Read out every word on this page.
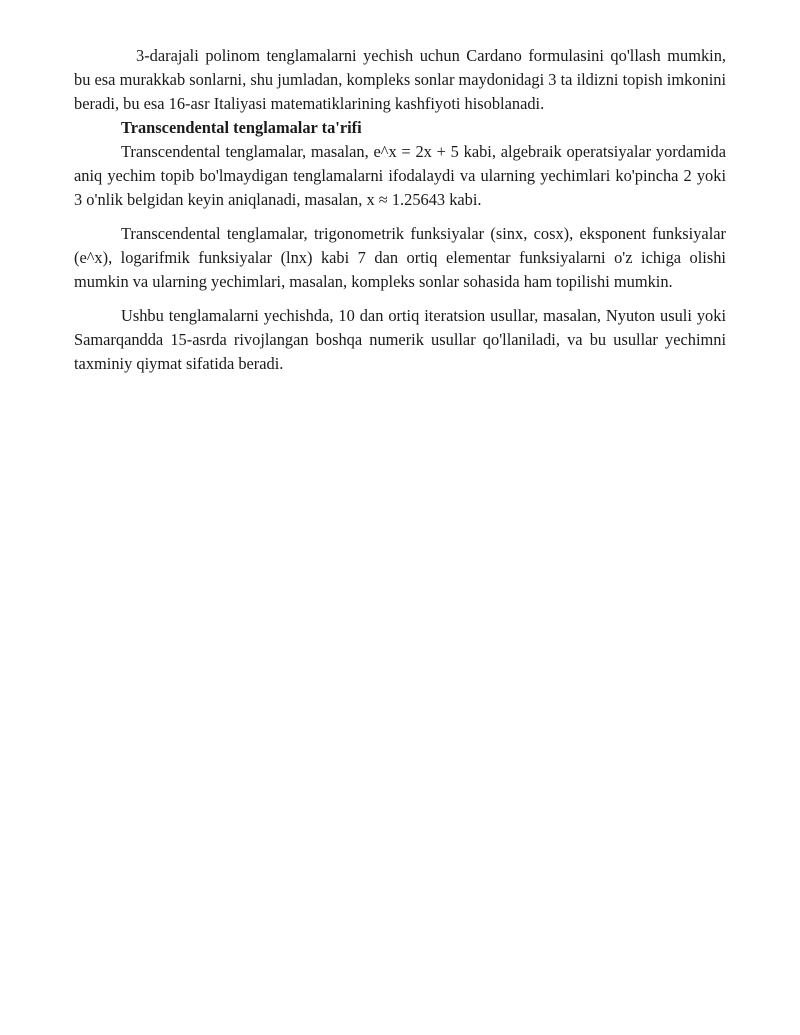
3-darajali polinom tenglamalarni yechish uchun Cardano formulasini qo'llash mumkin, bu esa murakkab sonlarni, shu jumladan, kompleks sonlar maydonidagi 3 ta ildizni topish imkonini beradi, bu esa 16-asr Italiyasi matematiklarining kashfiyoti hisoblanadi.

Transcendental tenglamalar ta'rifi

Transcendental tenglamalar, masalan, e^x = 2x + 5 kabi, algebraik operatsiyalar yordamida aniq yechim topib bo'lmaydigan tenglamalarni ifodalaydi va ularning yechimlari ko'pincha 2 yoki 3 o'nlik belgidan keyin aniqlanadi, masalan, x ≈ 1.25643 kabi.

Transcendental tenglamalar, trigonometrik funksiyalar (sinx, cosx), eksponent funksiyalar (e^x), logarifmik funksiyalar (lnx) kabi 7 dan ortiq elementar funksiyalarni o'z ichiga olishi mumkin va ularning yechimlari, masalan, kompleks sonlar sohasida ham topilishi mumkin.

Ushbu tenglamalarni yechishda, 10 dan ortiq iteratsion usullar, masalan, Nyuton usuli yoki Samarqandda 15-asrda rivojlangan boshqa numerik usullar qo'llaniladi, va bu usullar yechimni taxminiy qiymat sifatida beradi.
